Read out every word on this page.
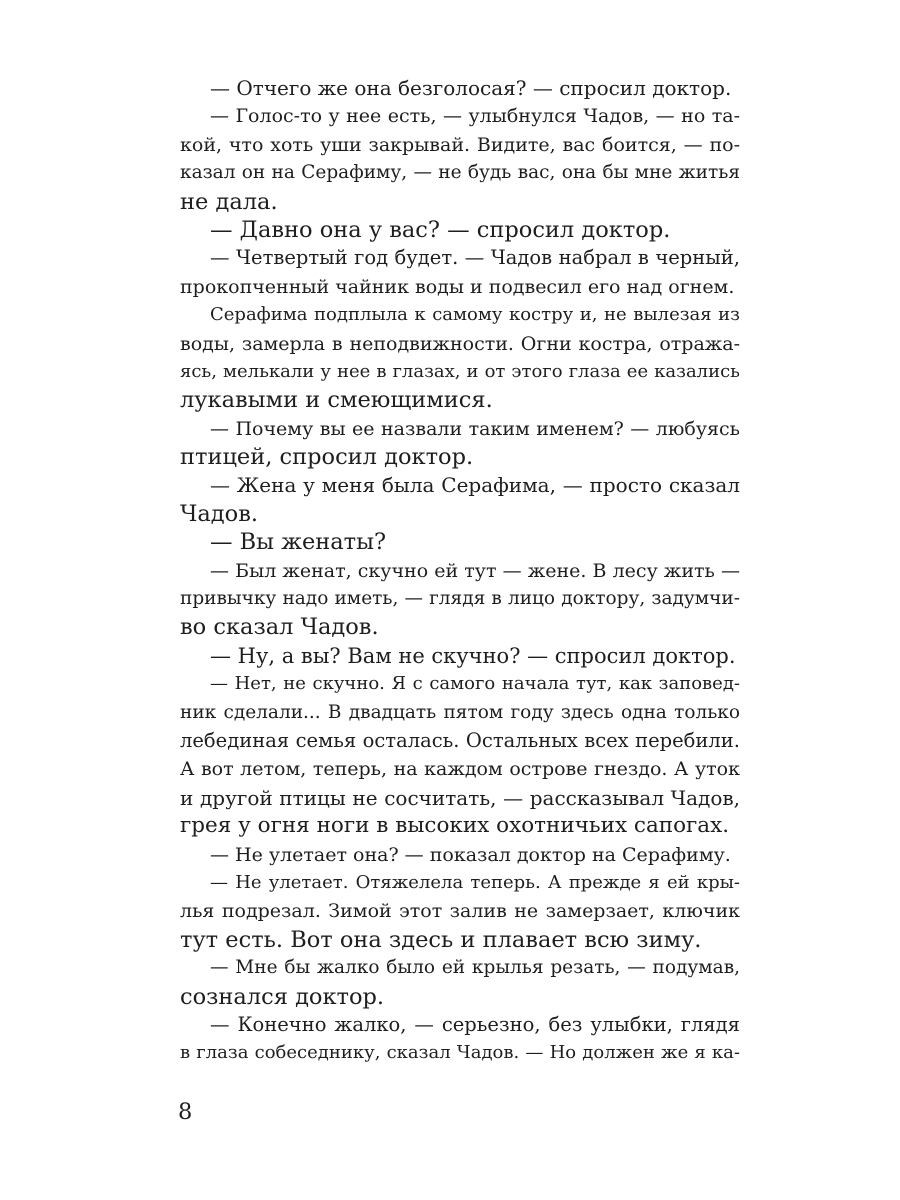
— Отчего же она безголосая? — спросил доктор.
— Голос-то у нее есть, — улыбнулся Чадов, — но та-
кой, что хоть уши закрывай. Видите, вас боится, — по-
казал он на Серафиму, — не будь вас, она бы мне житья
не дала.
— Давно она у вас? — спросил доктор.
— Четвертый год будет. — Чадов набрал в черный,
прокопченный чайник воды и подвесил его над огнем.
Серафима подплыла к самому костру и, не вылезая из
воды, замерла в неподвижности. Огни костра, отража-
ясь, мелькали у нее в глазах, и от этого глаза ее казались
лукавыми и смеющимися.
— Почему вы ее назвали таким именем? — любуясь
птицей, спросил доктор.
— Жена у меня была Серафима, — просто сказал
Чадов.
— Вы женаты?
— Был женат, скучно ей тут — жене. В лесу жить —
привычку надо иметь, — глядя в лицо доктору, задумчи-
во сказал Чадов.
— Ну, а вы? Вам не скучно? — спросил доктор.
— Нет, не скучно. Я с самого начала тут, как заповед-
ник сделали... В двадцать пятом году здесь одна только
лебединая семья осталась. Остальных всех перебили.
А вот летом, теперь, на каждом острове гнездо. А уток
и другой птицы не сосчитать, — рассказывал Чадов,
грея у огня ноги в высоких охотничьих сапогах.
— Не улетает она? — показал доктор на Серафиму.
— Не улетает. Отяжелела теперь. А прежде я ей кры-
лья подрезал. Зимой этот залив не замерзает, ключик
тут есть. Вот она здесь и плавает всю зиму.
— Мне бы жалко было ей крылья резать, — подумав,
сознался доктор.
— Конечно жалко, — серьезно, без улыбки, глядя
в глаза собеседнику, сказал Чадов. — Но должен же я ка-
8
